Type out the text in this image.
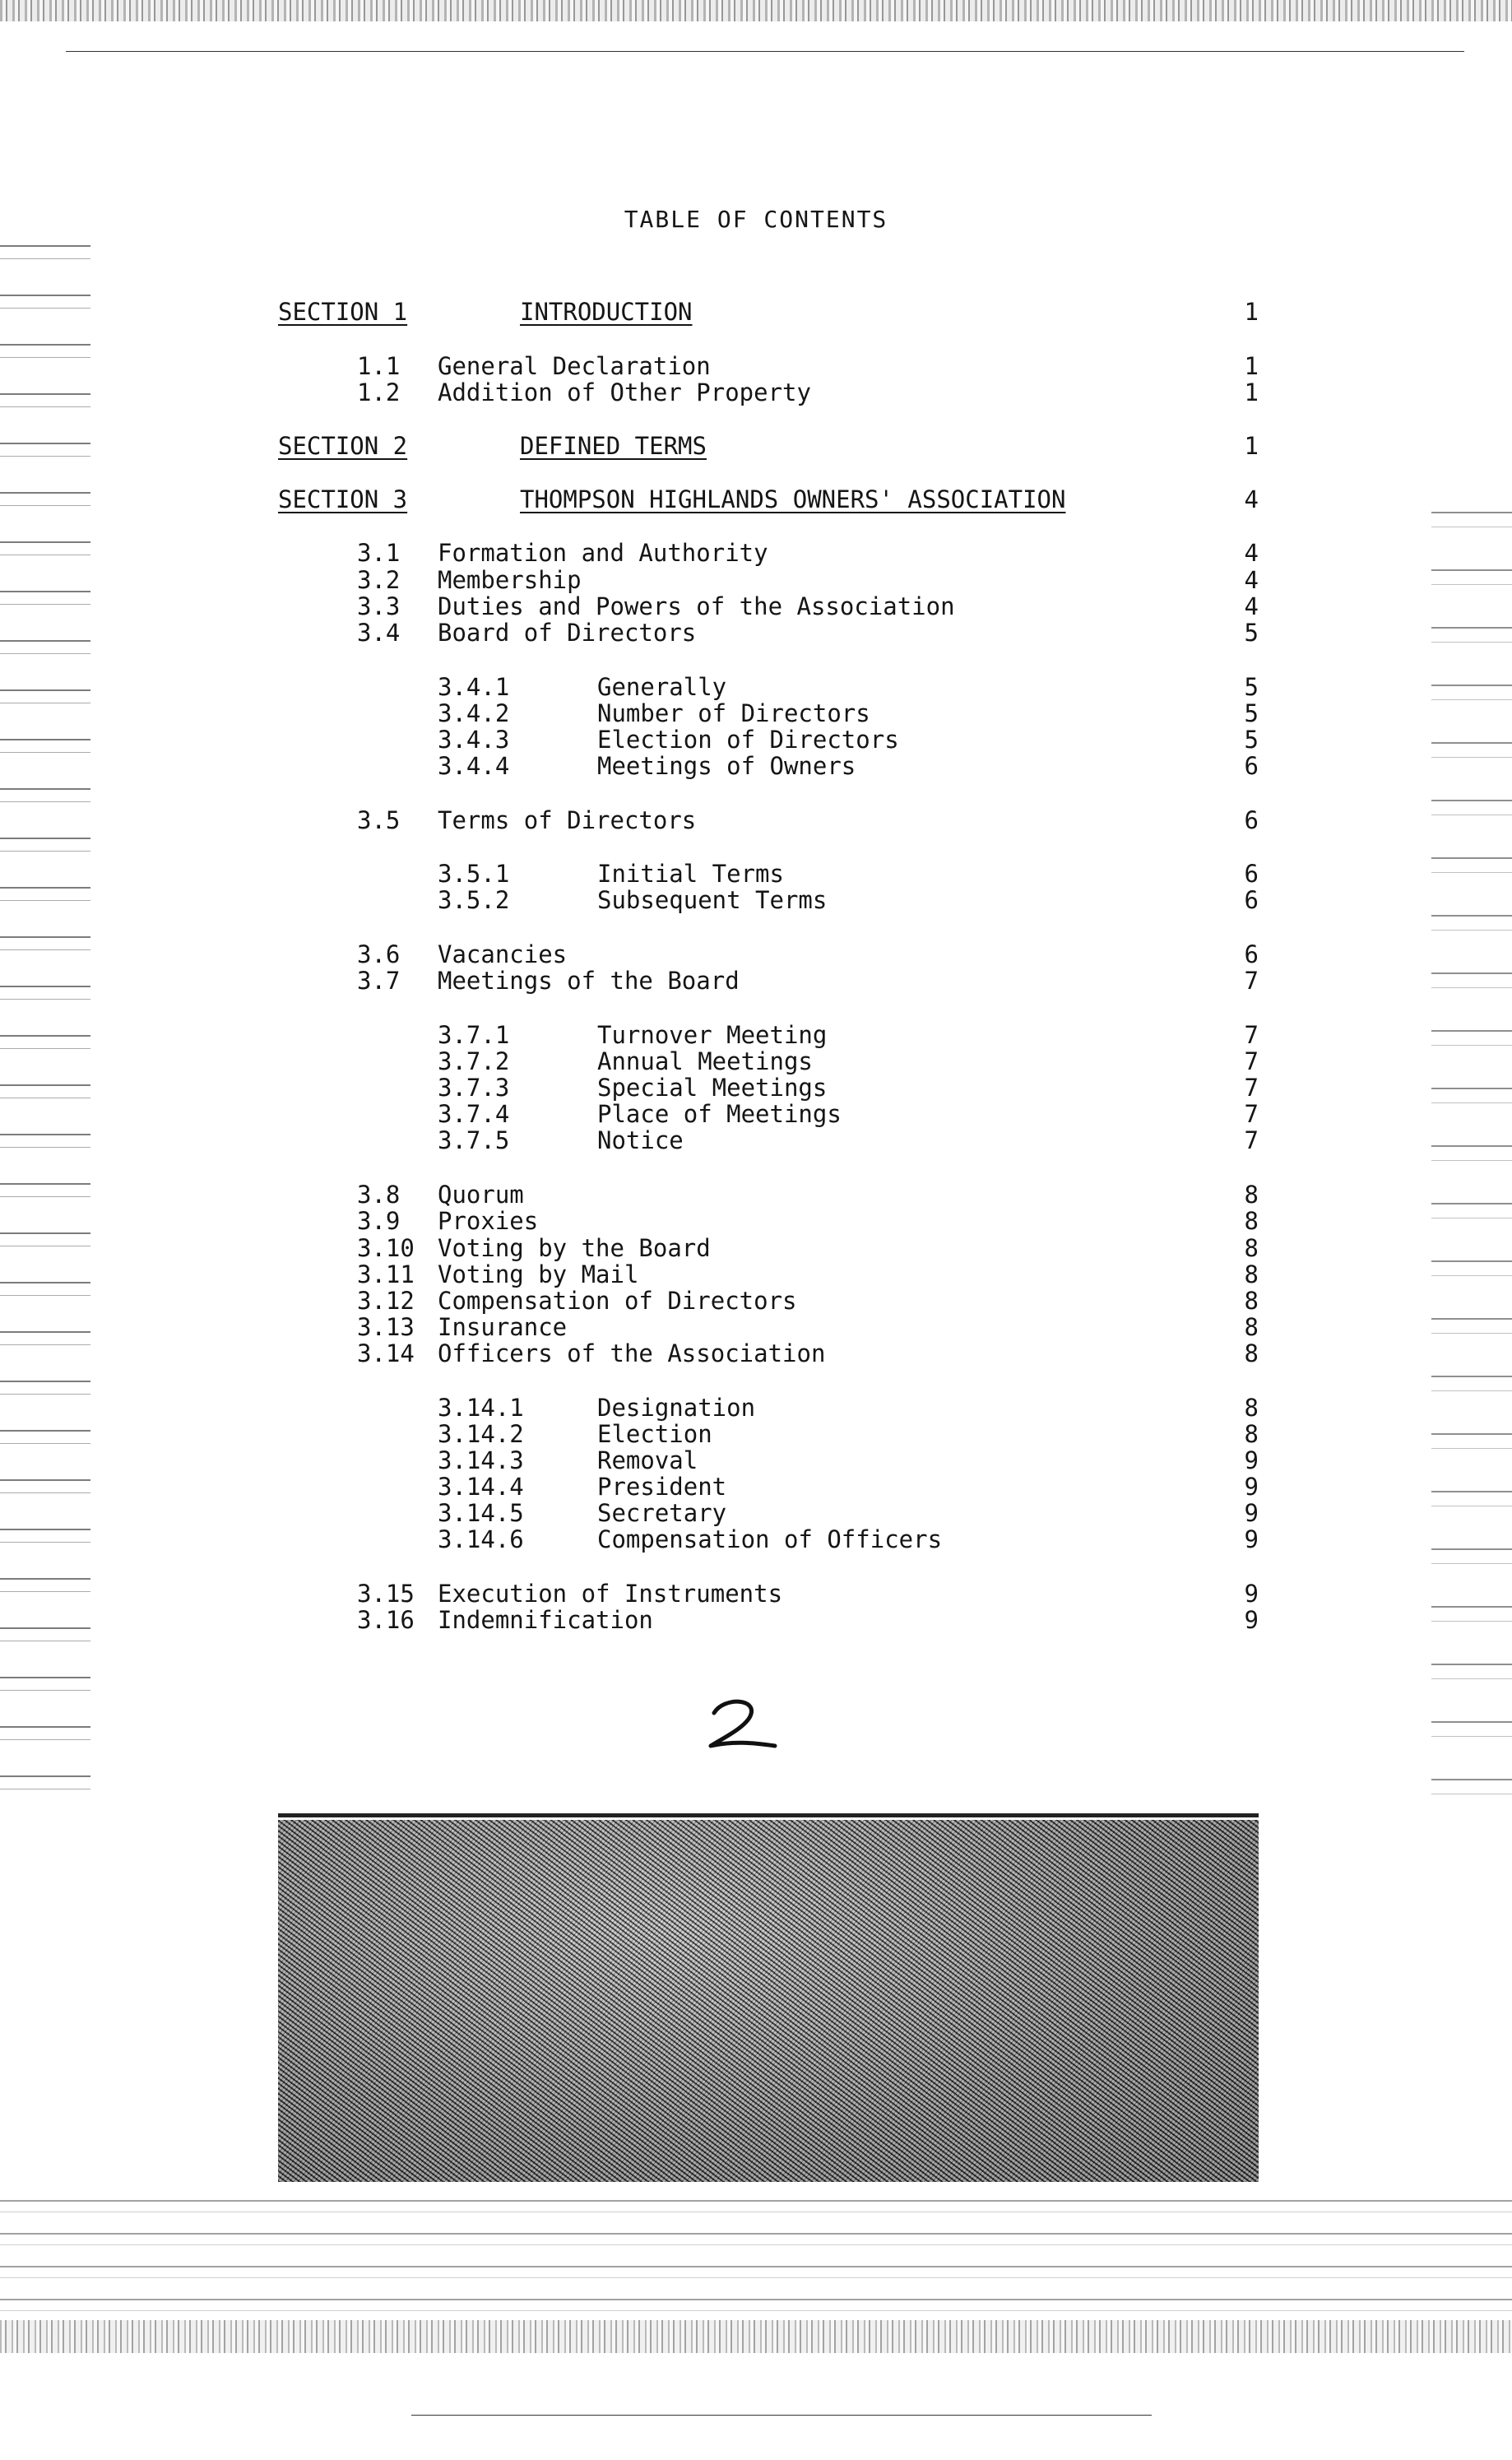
TABLE OF CONTENTS
SECTION 1	INTRODUCTION	1
1.1 General Declaration	1
1.2 Addition of Other Property	1
SECTION 2	DEFINED TERMS	1
SECTION 3	THOMPSON HIGHLANDS OWNERS' ASSOCIATION	4
3.1 Formation and Authority	4
3.2 Membership	4
3.3 Duties and Powers of the Association	4
3.4 Board of Directors	5
3.4.1	Generally	5
3.4.2	Number of Directors	5
3.4.3	Election of Directors	5
3.4.4	Meetings of Owners	6
3.5 Terms of Directors	6
3.5.1	Initial Terms	6
3.5.2	Subsequent Terms	6
3.6 Vacancies	6
3.7 Meetings of the Board	7
3.7.1	Turnover Meeting	7
3.7.2	Annual Meetings	7
3.7.3	Special Meetings	7
3.7.4	Place of Meetings	7
3.7.5	Notice	7
3.8 Quorum	8
3.9 Proxies	8
3.10 Voting by the Board	8
3.11 Voting by Mail	8
3.12 Compensation of Directors	8
3.13 Insurance	8
3.14 Officers of the Association	8
3.14.1	Designation	8
3.14.2	Election	8
3.14.3	Removal	9
3.14.4	President	9
3.14.5	Secretary	9
3.14.6	Compensation of Officers	9
3.15 Execution of Instruments	9
3.16 Indemnification	9
